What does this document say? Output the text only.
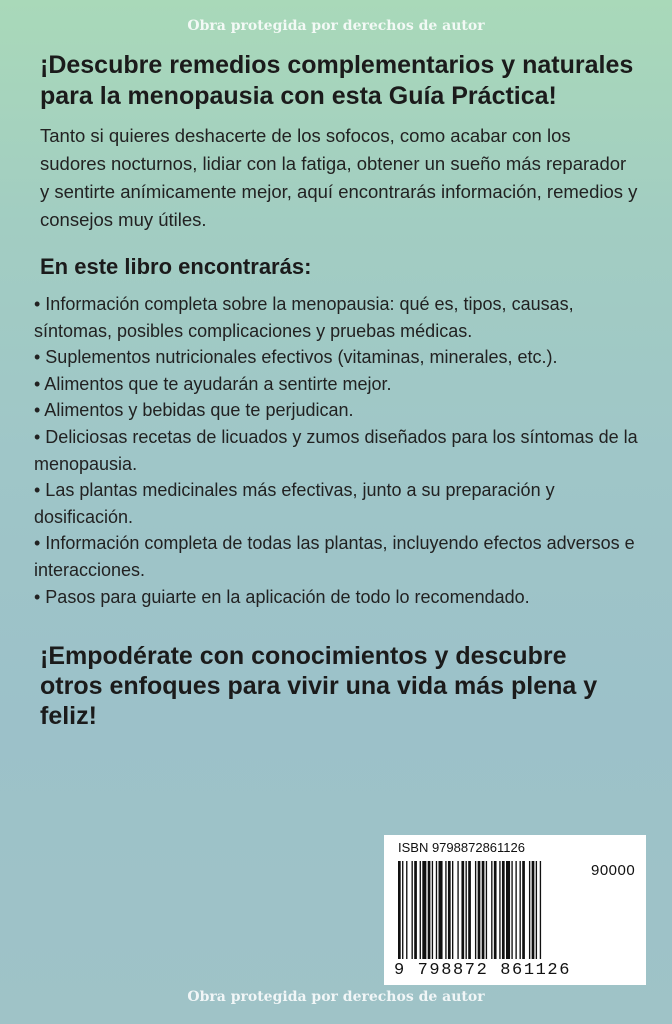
Obra protegida por derechos de autor
¡Descubre remedios complementarios y naturales para la menopausia con esta Guía Práctica!

Tanto si quieres deshacerte de los sofocos, como acabar con los sudores nocturnos, lidiar con la fatiga, obtener un sueño más reparador y sentirte anímicamente mejor, aquí encontrarás información, remedios y consejos muy útiles.

En este libro encontrarás:
• Información completa sobre la menopausia: qué es, tipos, causas, síntomas, posibles complicaciones y pruebas médicas.
• Suplementos nutricionales efectivos (vitaminas, minerales, etc.).
• Alimentos que te ayudarán a sentirte mejor.
• Alimentos y bebidas que te perjudican.
• Deliciosas recetas de licuados y zumos diseñados para los síntomas de la menopausia.
• Las plantas medicinales más efectivas, junto a su preparación y dosificación.
• Información completa de todas las plantas, incluyendo efectos adversos e interacciones.
• Pasos para guiarte en la aplicación de todo lo recomendado.
¡Empodérate con conocimientos y descubre otros enfoques para vivir una vida más plena y feliz!
ISBN 9798872861126
90000
9 798872 861126
Obra protegida por derechos de autor
